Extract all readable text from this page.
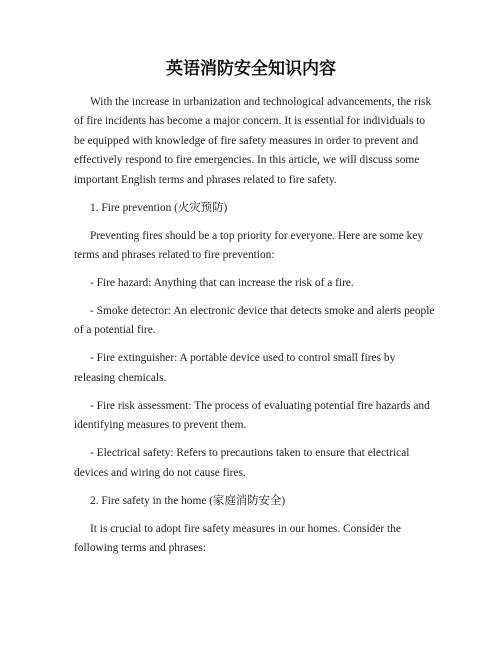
英语消防安全知识内容

With the increase in urbanization and technological advancements, the risk of fire incidents has become a major concern. It is essential for individuals to be equipped with knowledge of fire safety measures in order to prevent and effectively respond to fire emergencies. In this article, we will discuss some important English terms and phrases related to fire safety.

1. Fire prevention (火灾预防)

Preventing fires should be a top priority for everyone. Here are some key terms and phrases related to fire prevention:

- Fire hazard: Anything that can increase the risk of a fire.

- Smoke detector: An electronic device that detects smoke and alerts people of a potential fire.

- Fire extinguisher: A portable device used to control small fires by releasing chemicals.

- Fire risk assessment: The process of evaluating potential fire hazards and identifying measures to prevent them.

- Electrical safety: Refers to precautions taken to ensure that electrical devices and wiring do not cause fires.

2. Fire safety in the home (家庭消防安全)

It is crucial to adopt fire safety measures in our homes. Consider the following terms and phrases:
